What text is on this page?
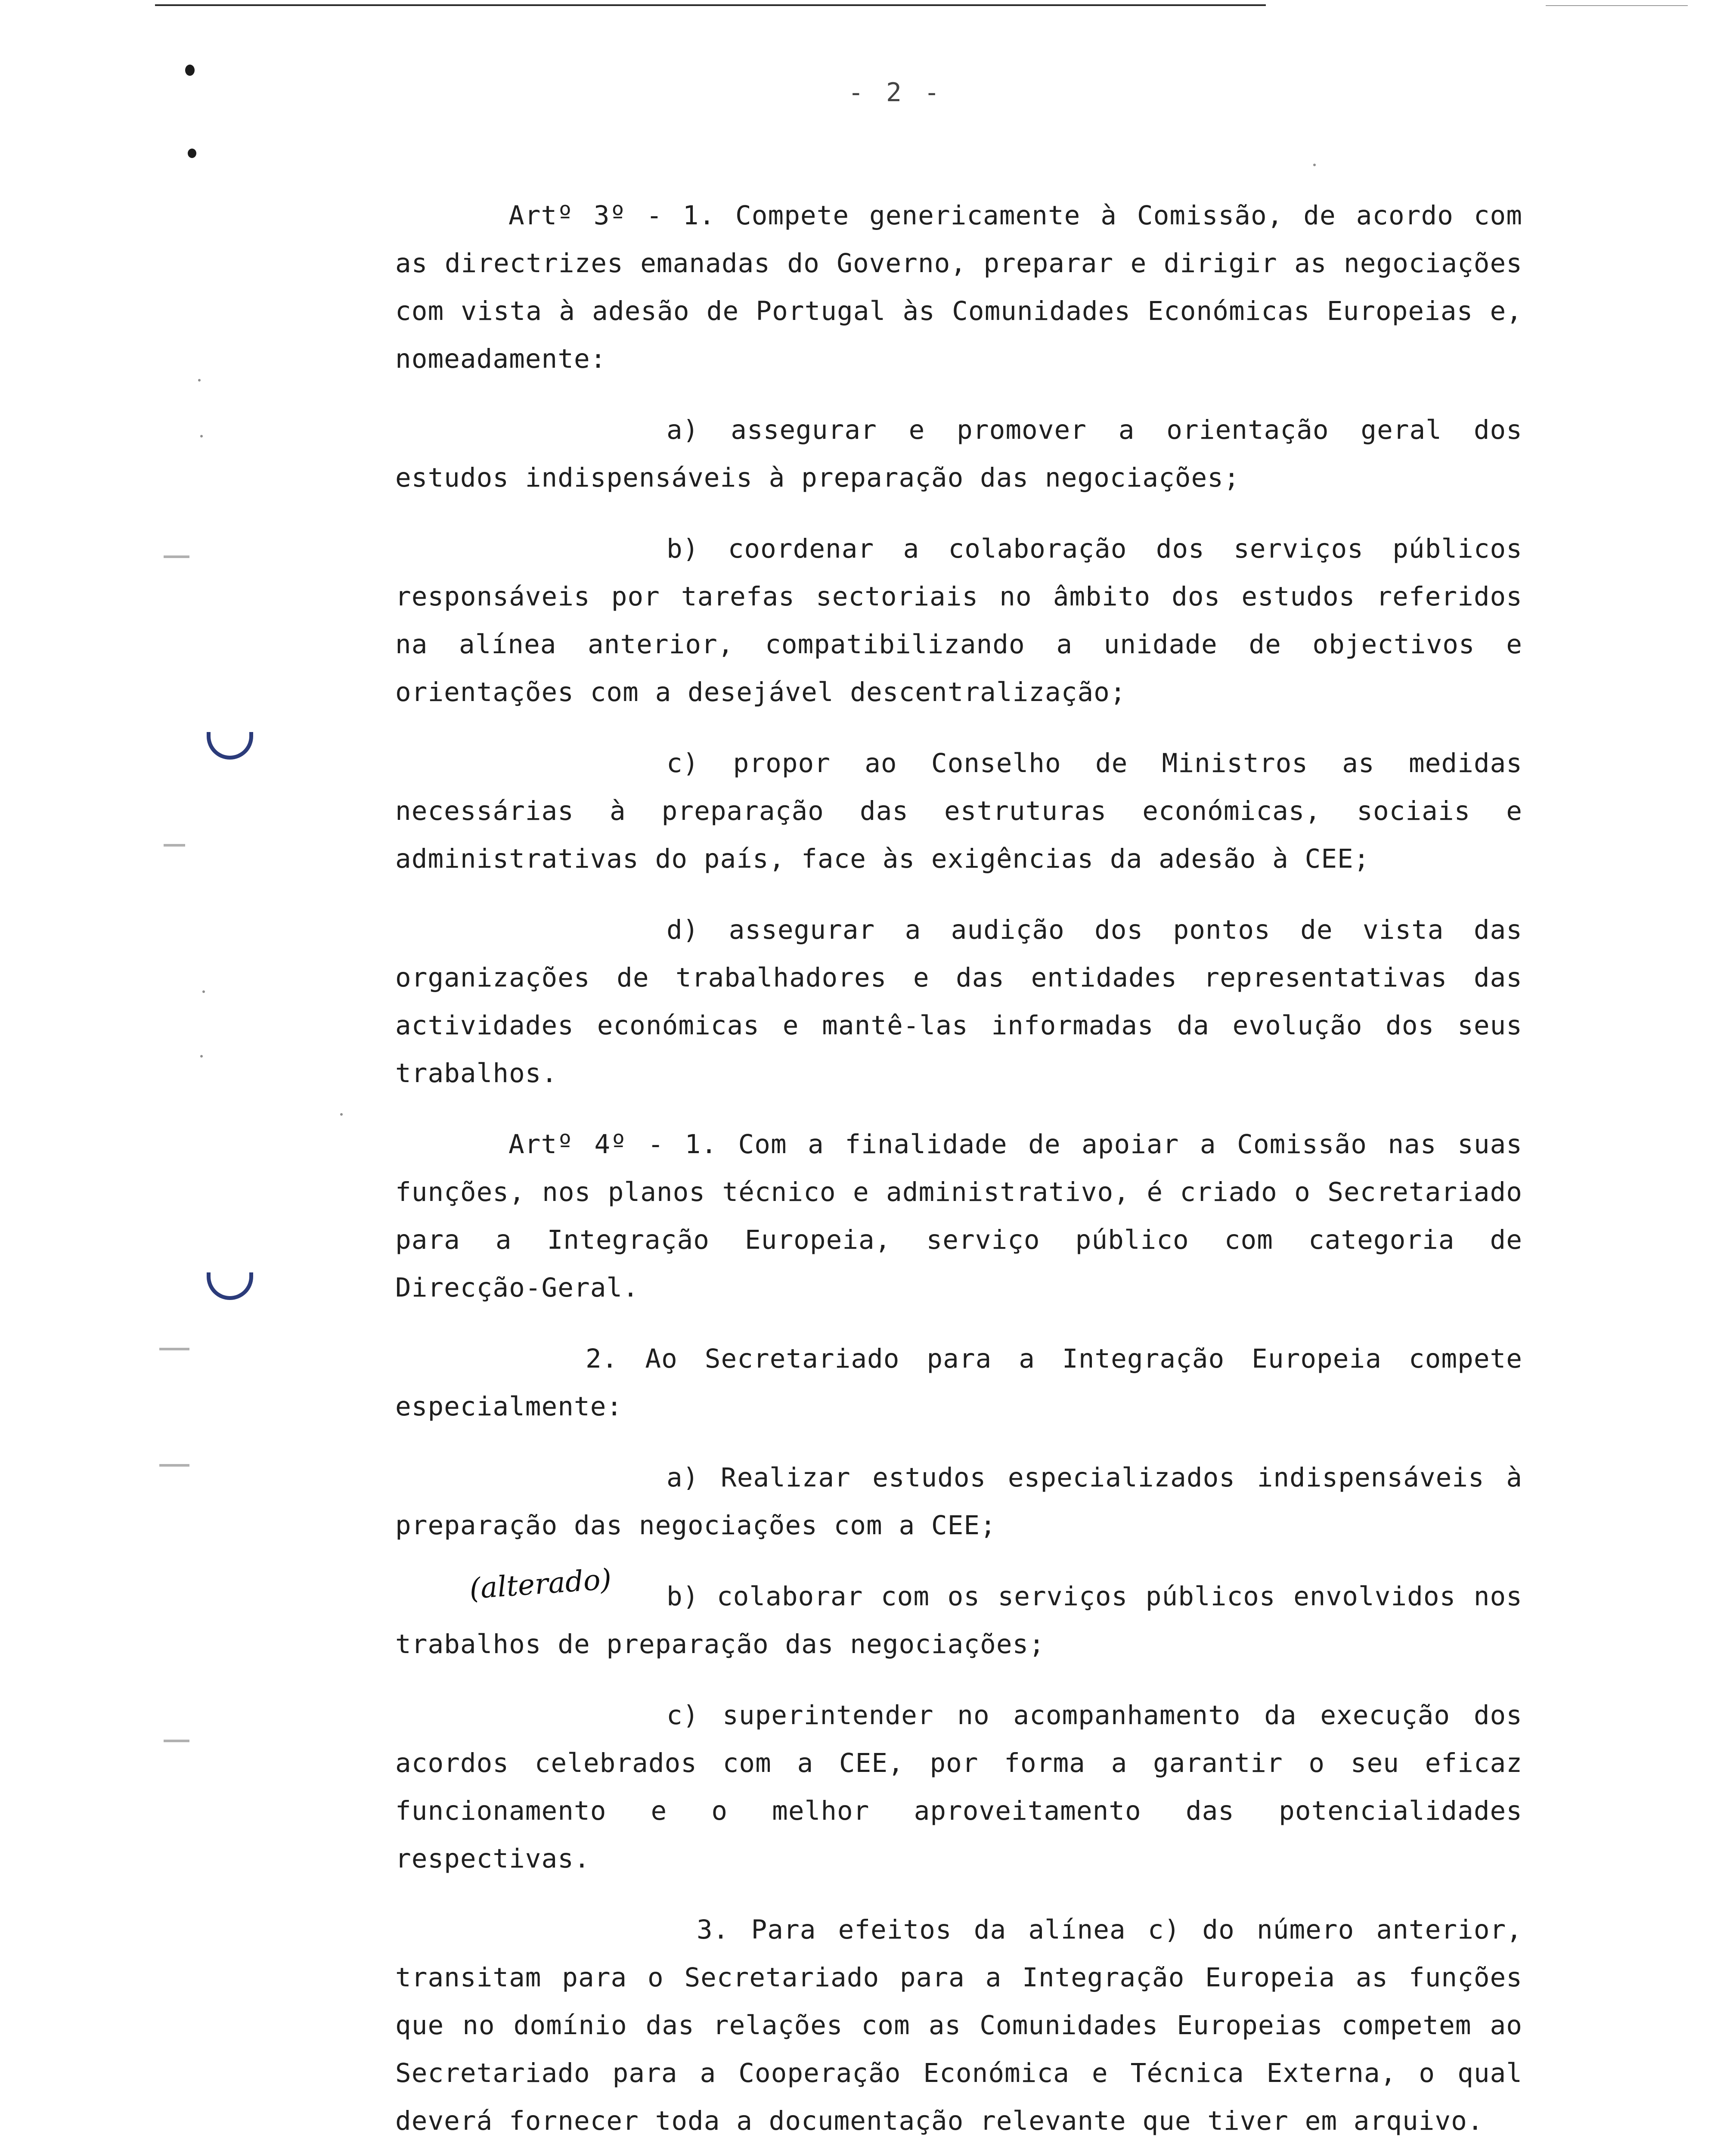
- 2 -

Artº 3º - 1. Compete genericamente à Comissão, de acordo com as directrizes emanadas do Governo, preparar e dirigir as negociações com vista à adesão de Portugal às Comunidades Económicas Europeias e, nomeadamente:

a) assegurar e promover a orientação geral dos estudos indispensáveis à preparação das negociações;

b) coordenar a colaboração dos serviços públicos responsáveis por tarefas sectoriais no âmbito dos estudos referidos na alínea anterior, compatibilizando a unidade de objectivos e orientações com a desejável descentralização;

c) propor ao Conselho de Ministros as medidas necessárias à preparação das estruturas económicas, sociais e administrativas do país, face às exigências da adesão à CEE;

d) assegurar a audição dos pontos de vista das organizações de trabalhadores e das entidades representativas das actividades económicas e mantê-las informadas da evolução dos seus trabalhos.

Artº 4º - 1. Com a finalidade de apoiar a Comissão nas suas funções, nos planos técnico e administrativo, é criado o Secretariado para a Integração Europeia, serviço público com categoria de Direcção-Geral.

2. Ao Secretariado para a Integração Europeia compete especialmente:

a) Realizar estudos especializados indispensáveis à preparação das negociações com a CEE;

b) colaborar com os serviços públicos envolvidos nos trabalhos de preparação das negociações;

c) superintender no acompanhamento da execução dos acordos celebrados com a CEE, por forma a garantir o seu eficaz funcionamento e o melhor aproveitamento das potencialidades respectivas.

3. Para efeitos da alínea c) do número anterior, transitam para o Secretariado para a Integração Europeia as funções que no domínio das relações com as Comunidades Europeias competem ao Secretariado para a Cooperação Económica e Técnica Externa, o qual deverá fornecer toda a documentação relevante que tiver em arquivo.

(alterado)
